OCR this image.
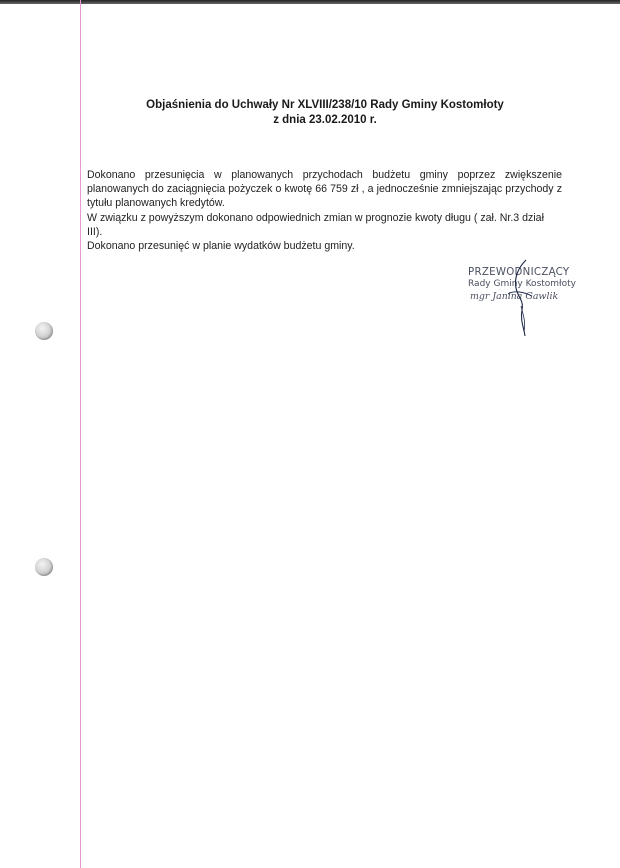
Objaśnienia do Uchwały Nr XLVIII/238/10 Rady Gminy Kostomłoty
z dnia 23.02.2010 r.

Dokonano przesunięcia w planowanych przychodach budżetu gminy poprzez zwiększenie planowanych do zaciągnięcia pożyczek o kwotę 66 759 zł , a jednocześnie zmniejszając przychody z tytułu planowanych kredytów.

W związku z powyższym dokonano odpowiednich zmian w prognozie kwoty długu ( zał. Nr.3 dział III).

Dokonano przesunięć w planie wydatków budżetu gminy.

PRZEWODNICZĄCY
Rady Gminy Kostomłoty
mgr Janina Gawlik
